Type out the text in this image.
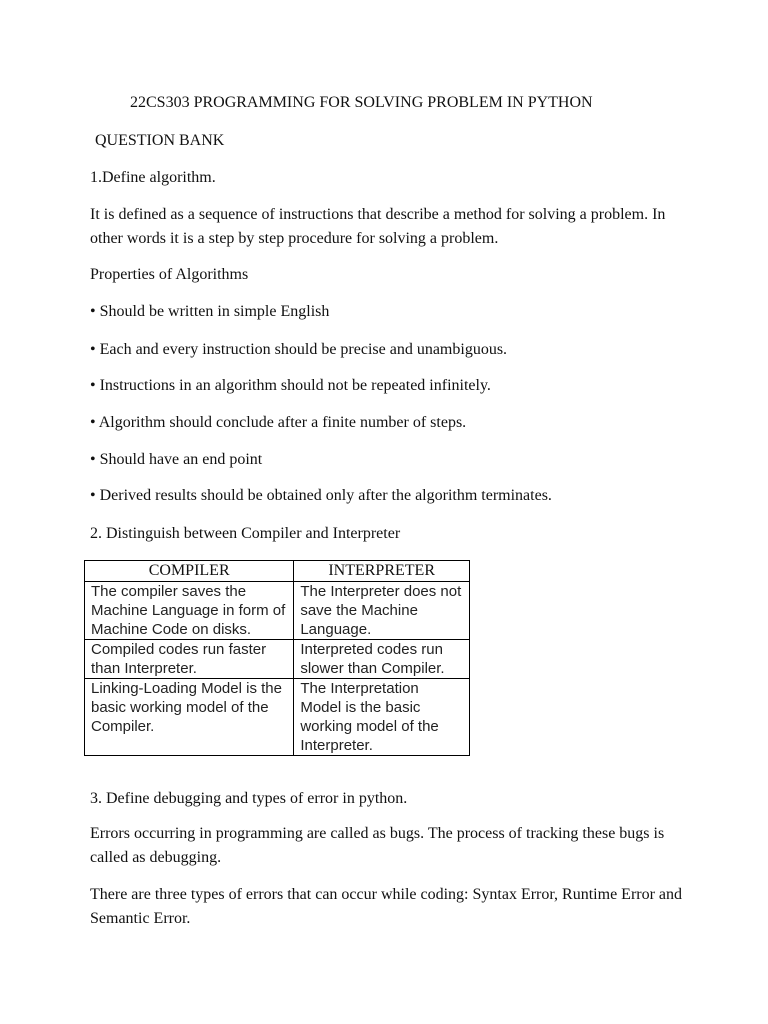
22CS303 PROGRAMMING FOR SOLVING PROBLEM IN PYTHON
QUESTION BANK
1.Define algorithm.
It is defined as a sequence of instructions that describe a method for solving a problem. In other words it is a step by step procedure for solving a problem.
Properties of Algorithms
• Should be written in simple English
• Each and every instruction should be precise and unambiguous.
• Instructions in an algorithm should not be repeated infinitely.
• Algorithm should conclude after a finite number of steps.
• Should have an end point
• Derived results should be obtained only after the algorithm terminates.
2. Distinguish between Compiler and Interpreter
COMPILER	INTERPRETER
The compiler saves the Machine Language in form of Machine Code on disks.	The Interpreter does not save the Machine Language.
Compiled codes run faster than Interpreter.	Interpreted codes run slower than Compiler.
Linking-Loading Model is the basic working model of the Compiler.	The Interpretation Model is the basic working model of the Interpreter.
3. Define debugging and types of error in python.
Errors occurring in programming are called as bugs. The process of tracking these bugs is called as debugging.
There are three types of errors that can occur while coding: Syntax Error, Runtime Error and Semantic Error.
